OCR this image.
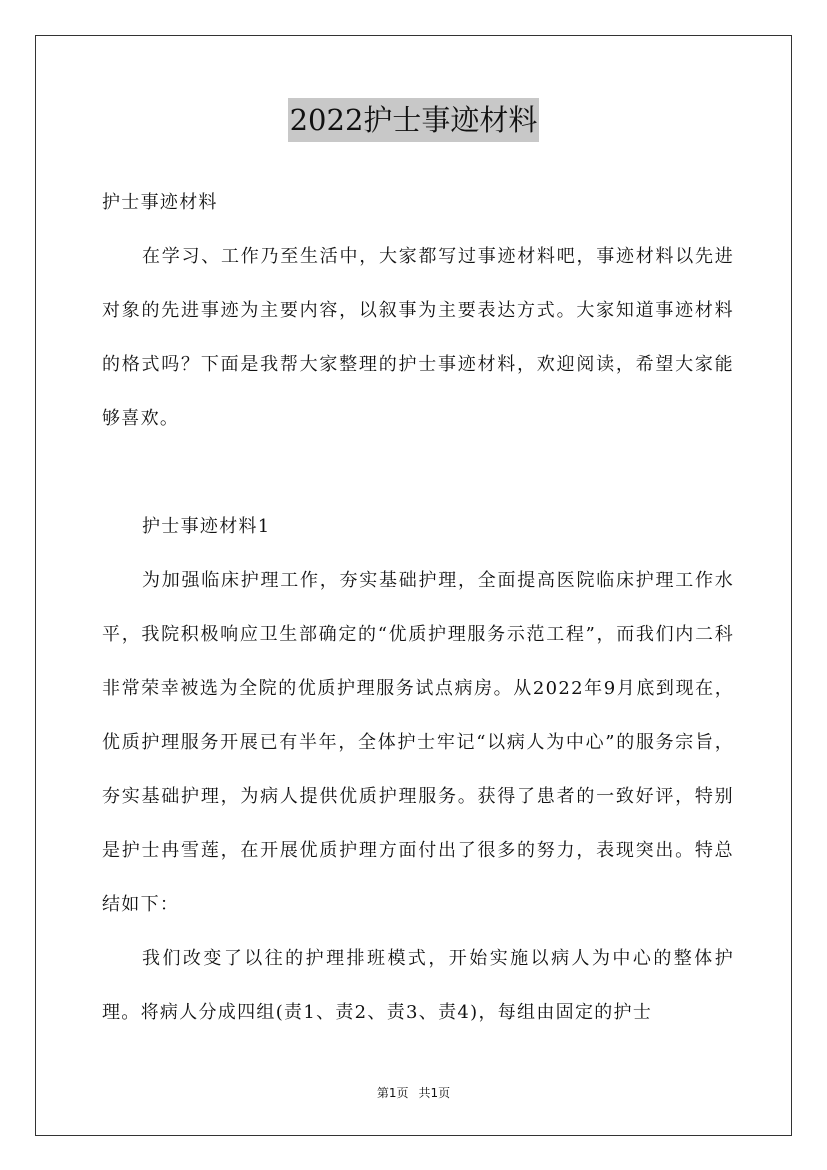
2022护士事迹材料

护士事迹材料

在学习、工作乃至生活中，大家都写过事迹材料吧，事迹材料以先进对象的先进事迹为主要内容，以叙事为主要表达方式。大家知道事迹材料的格式吗？下面是我帮大家整理的护士事迹材料，欢迎阅读，希望大家能够喜欢。

护士事迹材料1

为加强临床护理工作，夯实基础护理，全面提高医院临床护理工作水平，我院积极响应卫生部确定的“优质护理服务示范工程”，而我们内二科非常荣幸被选为全院的优质护理服务试点病房。从2022年9月底到现在，优质护理服务开展已有半年，全体护士牢记“以病人为中心”的服务宗旨，夯实基础护理，为病人提供优质护理服务。获得了患者的一致好评，特别是护士冉雪莲，在开展优质护理方面付出了很多的努力，表现突出。特总结如下：

我们改变了以往的护理排班模式，开始实施以病人为中心的整体护理。将病人分成四组(责1、责2、责3、责4)，每组由固定的护士

第1页 共1页
